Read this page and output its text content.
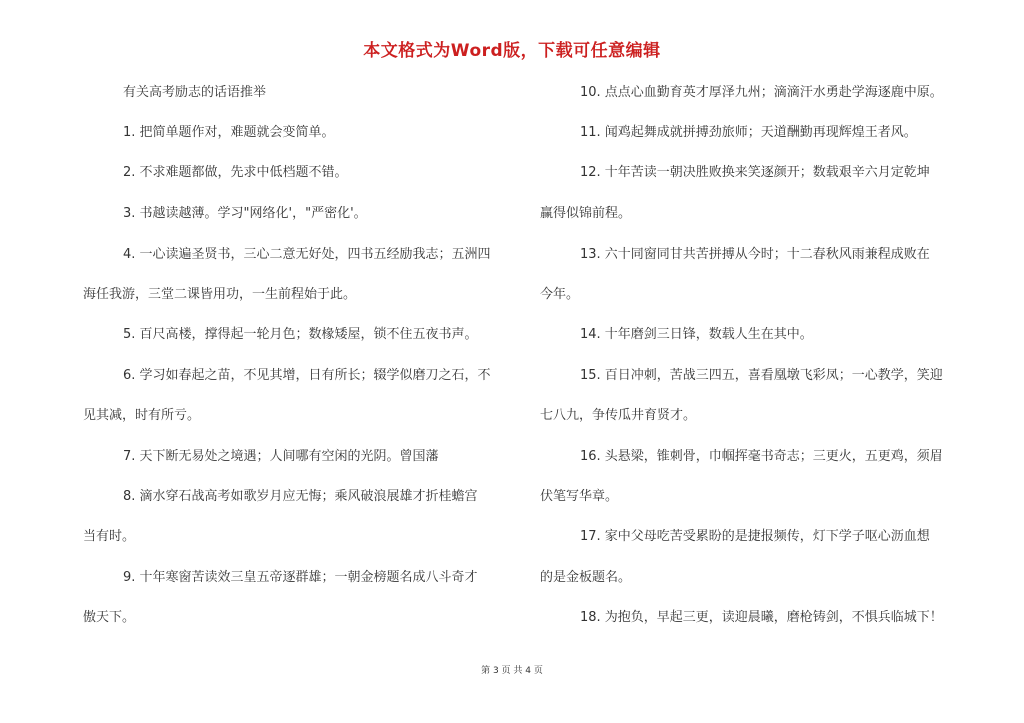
本文格式为Word版，下载可任意编辑
有关高考励志的话语推举
1. 把简单题作对，难题就会变简单。
2. 不求难题都做，先求中低档题不错。
3. 书越读越薄。学习"网络化'，"严密化'。
4. 一心读遍圣贤书，三心二意无好处，四书五经励我志；五洲四
海任我游，三堂二课皆用功，一生前程始于此。
5. 百尺高楼，撑得起一轮月色；数椽矮屋，锁不住五夜书声。
6. 学习如春起之苗，不见其增，日有所长；辍学似磨刀之石，不
见其减，时有所亏。
7. 天下断无易处之境遇；人间哪有空闲的光阴。曾国藩
8. 滴水穿石战高考如歌岁月应无悔；乘风破浪展雄才折桂蟾宫
当有时。
9. 十年寒窗苦读效三皇五帝逐群雄；一朝金榜题名成八斗奇才
傲天下。
10. 点点心血勤育英才厚泽九州；滴滴汗水勇赴学海逐鹿中原。
11. 闻鸡起舞成就拼搏劲旅师；天道酬勤再现辉煌王者风。
12. 十年苦读一朝决胜败换来笑逐颜开；数载艰辛六月定乾坤
赢得似锦前程。
13. 六十同窗同甘共苦拼搏从今时；十二春秋风雨兼程成败在
今年。
14. 十年磨剑三日锋，数载人生在其中。
15. 百日冲刺，苦战三四五，喜看凰墩飞彩凤；一心教学，笑迎
七八九，争传瓜井育贤才。
16. 头悬梁，锥刺骨，巾帼挥毫书奇志；三更火，五更鸡，须眉
伏笔写华章。
17. 家中父母吃苦受累盼的是捷报频传，灯下学子呕心沥血想
的是金板题名。
18. 为抱负，早起三更，读迎晨曦，磨枪铸剑，不惧兵临城下！
第 3 页 共 4 页
